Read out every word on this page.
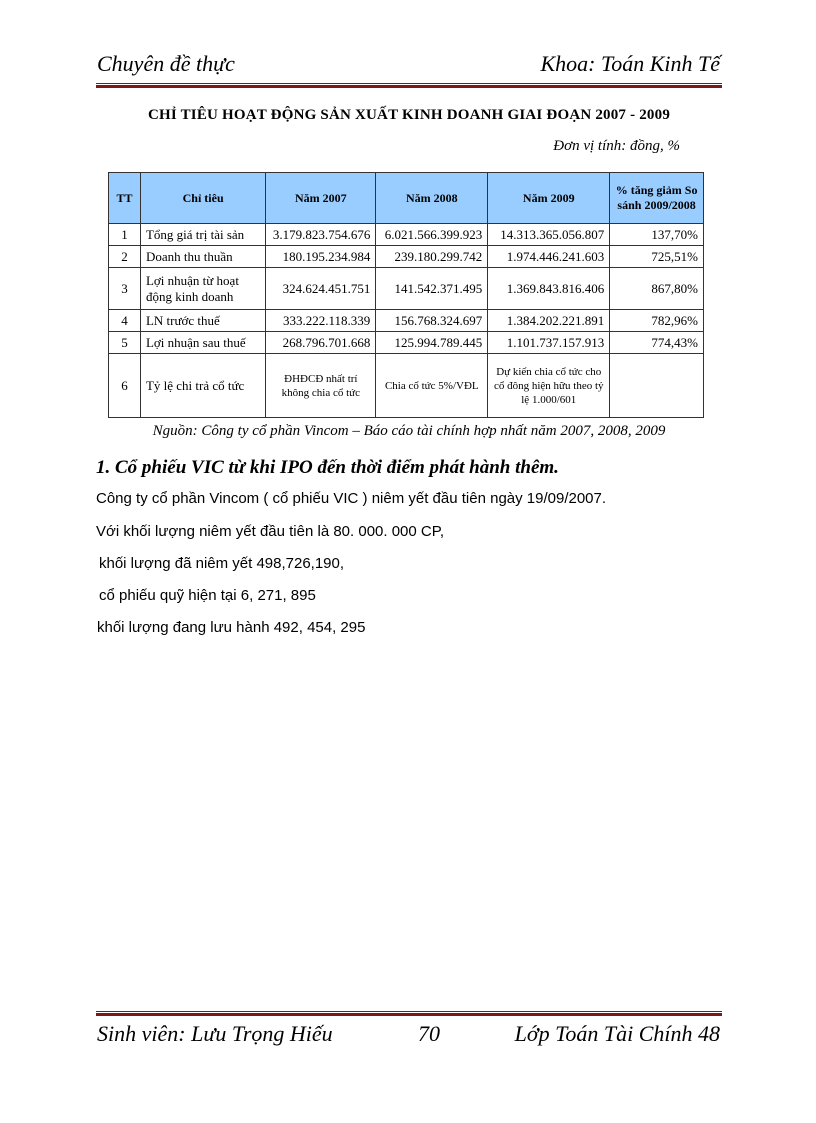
Chuyên đề thực	Khoa: Toán Kinh Tế
CHỈ TIÊU HOẠT ĐỘNG SẢN XUẤT KINH DOANH GIAI ĐOẠN 2007 - 2009
Đơn vị tính: đồng, %
TT	Chỉ tiêu	Năm 2007	Năm 2008	Năm 2009	% tăng giảm So sánh 2009/2008
1	Tổng giá trị tài sản	3.179.823.754.676	6.021.566.399.923	14.313.365.056.807	137,70%
2	Doanh thu thuần	180.195.234.984	239.180.299.742	1.974.446.241.603	725,51%
3	Lợi nhuận từ hoạt động kinh doanh	324.624.451.751	141.542.371.495	1.369.843.816.406	867,80%
4	LN trước thuế	333.222.118.339	156.768.324.697	1.384.202.221.891	782,96%
5	Lợi nhuận sau thuế	268.796.701.668	125.994.789.445	1.101.737.157.913	774,43%
6	Tỷ lệ chi trả cổ tức	ĐHĐCĐ nhất trí không chia cổ tức	Chia cổ tức 5%/VĐL	Dự kiến chia cổ tức cho cổ đông hiện hữu theo tỷ lệ 1.000/601	
Nguồn: Công ty cổ phần Vincom – Báo cáo tài chính hợp nhất năm 2007, 2008, 2009
1. Cổ phiếu VIC từ khi IPO đến thời điểm phát hành thêm.
Công ty cổ phần Vincom ( cổ phiếu VIC ) niêm yết đầu tiên ngày 19/09/2007.
Với khối lượng niêm yết đầu tiên là 80. 000. 000 CP,
khối lượng đã niêm yết 498,726,190,
cổ phiếu quỹ hiện tại 6, 271, 895
khối lượng đang lưu hành 492, 454, 295
Sinh viên: Lưu Trọng Hiếu	70	Lớp Toán Tài Chính 48
